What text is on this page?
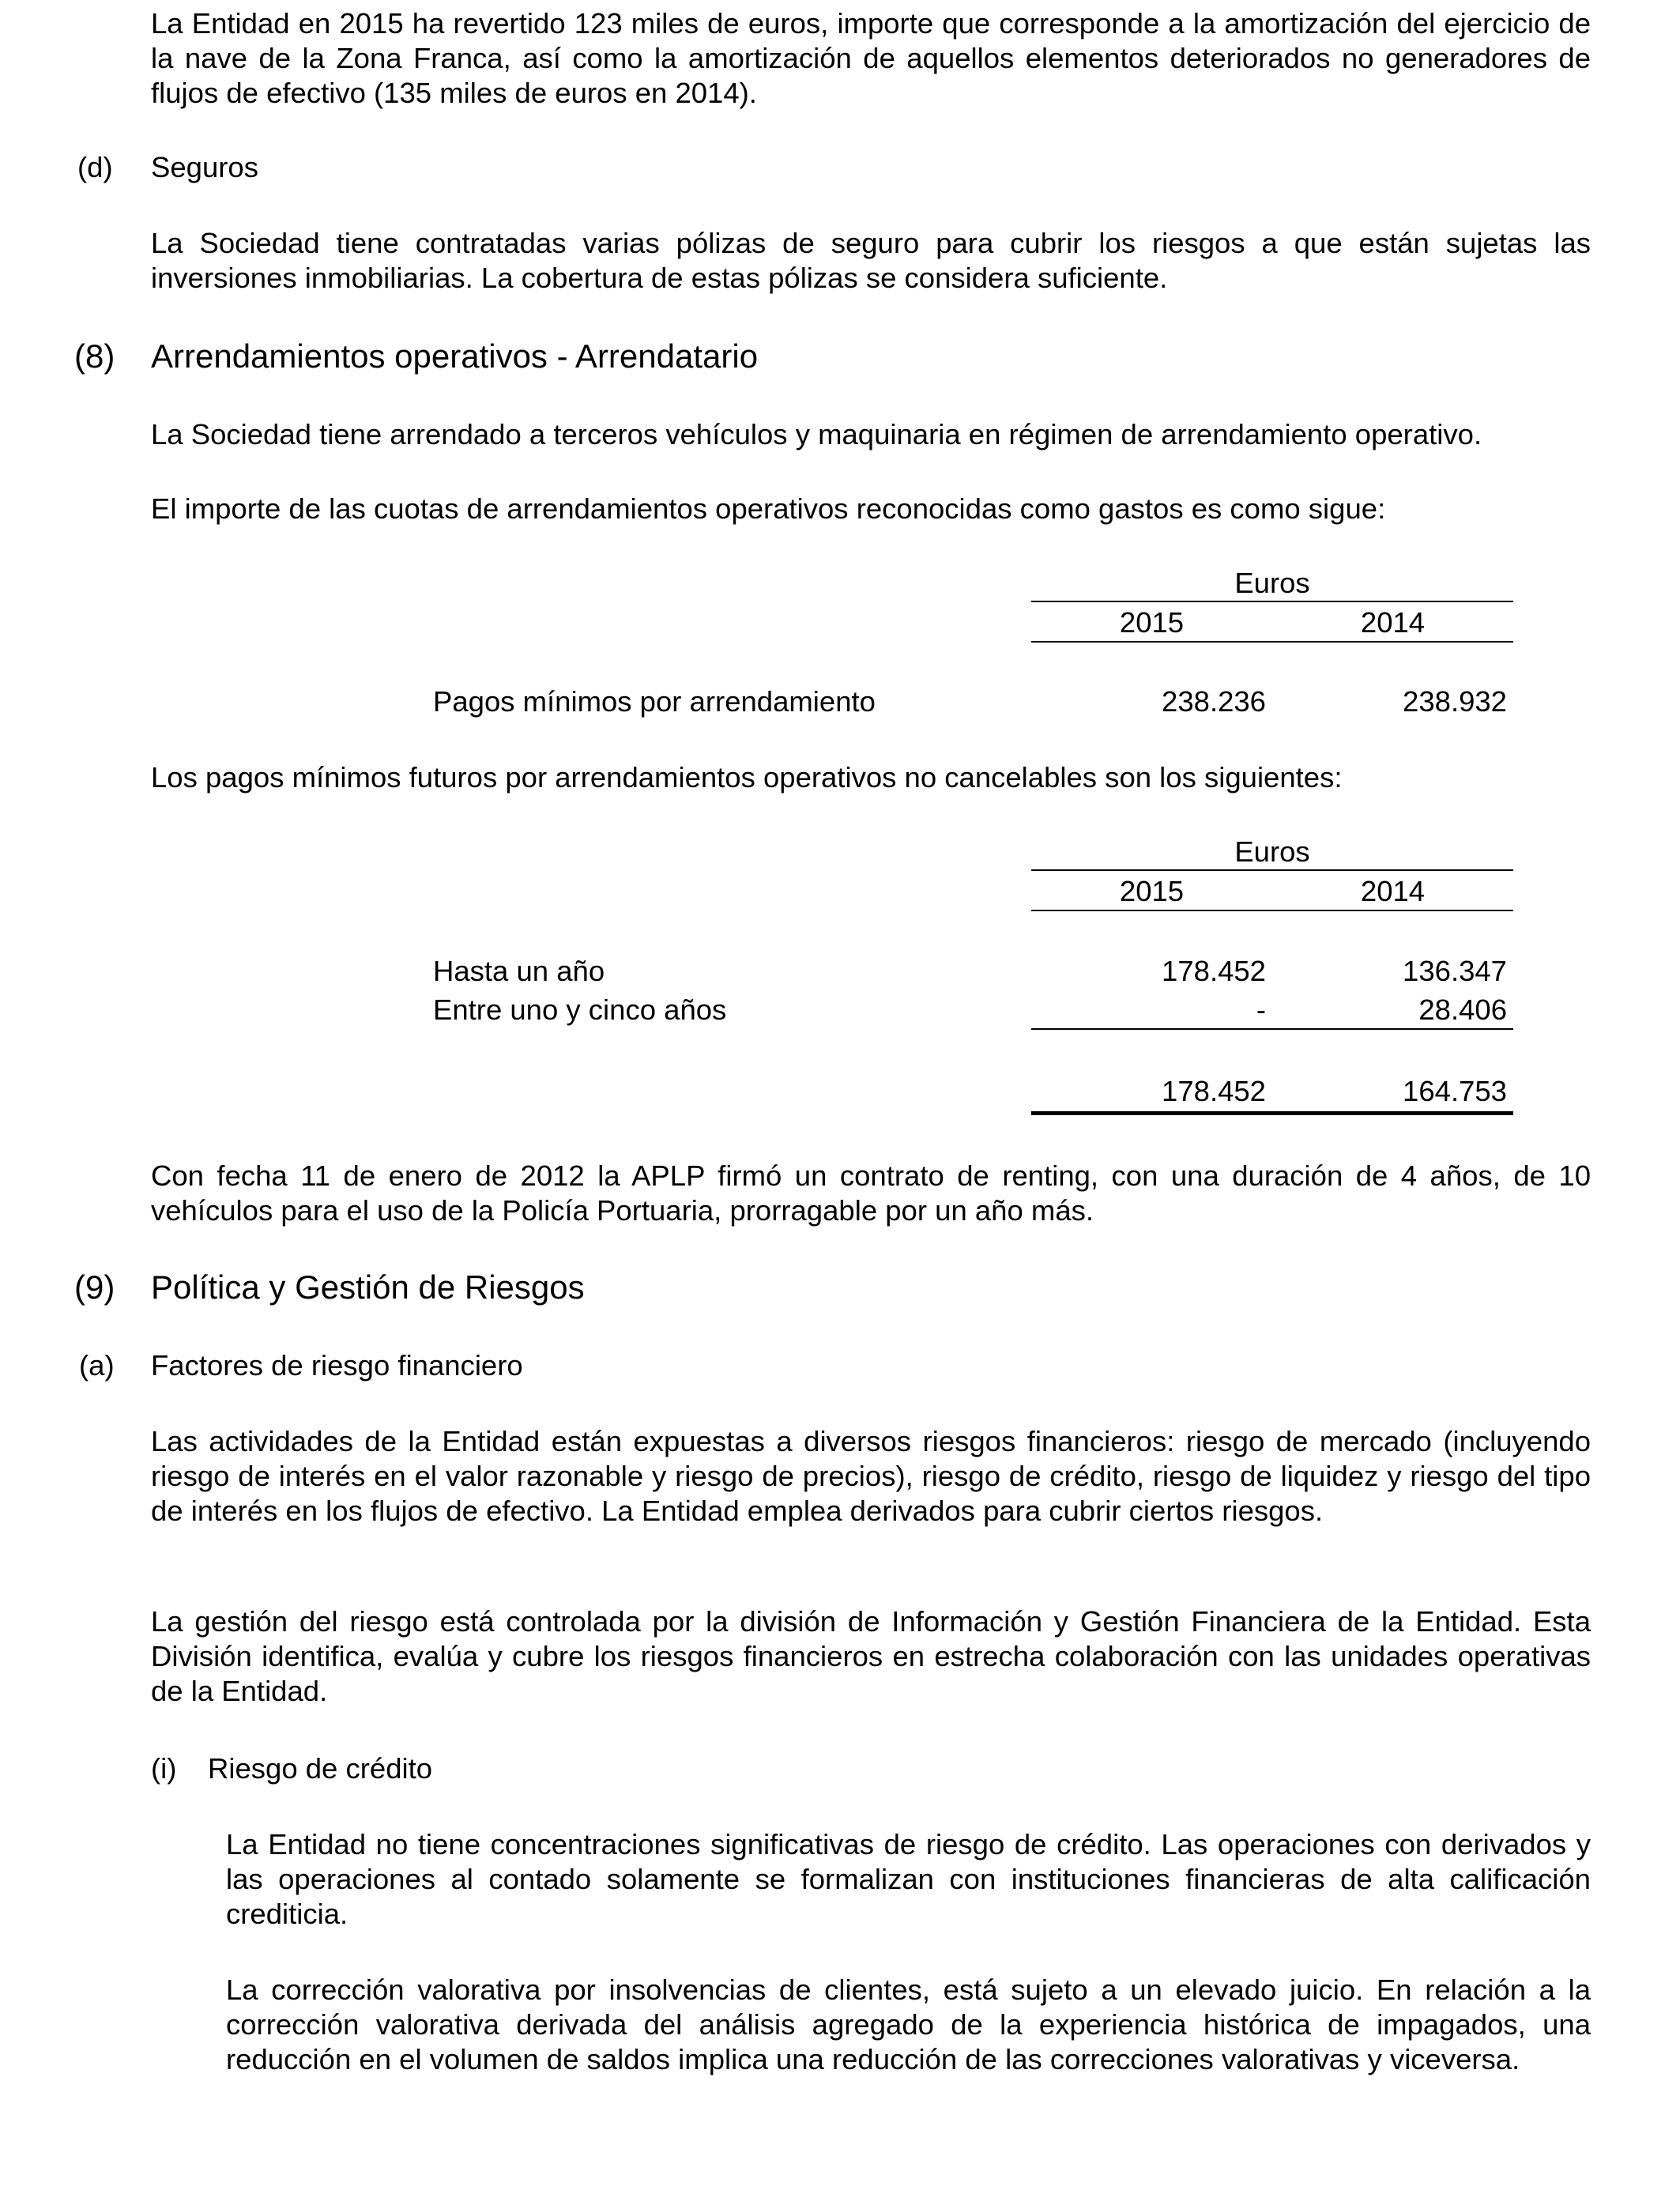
La Entidad en 2015 ha revertido 123 miles de euros, importe que corresponde a la amortización del ejercicio de la nave de la Zona Franca, así como la amortización de aquellos elementos deteriorados no generadores de flujos de efectivo (135 miles de euros en 2014).

(d) Seguros

La Sociedad tiene contratadas varias pólizas de seguro para cubrir los riesgos a que están sujetas las inversiones inmobiliarias. La cobertura de estas pólizas se considera suficiente.

(8) Arrendamientos operativos - Arrendatario

La Sociedad tiene arrendado a terceros vehículos y maquinaria en régimen de arrendamiento operativo.

El importe de las cuotas de arrendamientos operativos reconocidas como gastos es como sigue:

Euros
2015	2014
Pagos mínimos por arrendamiento	238.236	238.932

Los pagos mínimos futuros por arrendamientos operativos no cancelables son los siguientes:

Euros
2015	2014
Hasta un año	178.452	136.347
Entre uno y cinco años	-	28.406
178.452	164.753

Con fecha 11 de enero de 2012 la APLP firmó un contrato de renting, con una duración de 4 años, de 10 vehículos para el uso de la Policía Portuaria, prorragable por un año más.

(9) Política y Gestión de Riesgos
(a) Factores de riesgo financiero

Las actividades de la Entidad están expuestas a diversos riesgos financieros: riesgo de mercado (incluyendo riesgo de interés en el valor razonable y riesgo de precios), riesgo de crédito, riesgo de liquidez y riesgo del tipo de interés en los flujos de efectivo. La Entidad emplea derivados para cubrir ciertos riesgos.

La gestión del riesgo está controlada por la división de Información y Gestión Financiera de la Entidad. Esta División identifica, evalúa y cubre los riesgos financieros en estrecha colaboración con las unidades operativas de la Entidad.

(i) Riesgo de crédito

La Entidad no tiene concentraciones significativas de riesgo de crédito. Las operaciones con derivados y las operaciones al contado solamente se formalizan con instituciones financieras de alta calificación crediticia.

La corrección valorativa por insolvencias de clientes, está sujeto a un elevado juicio. En relación a la corrección valorativa derivada del análisis agregado de la experiencia histórica de impagados, una reducción en el volumen de saldos implica una reducción de las correcciones valorativas y viceversa.
